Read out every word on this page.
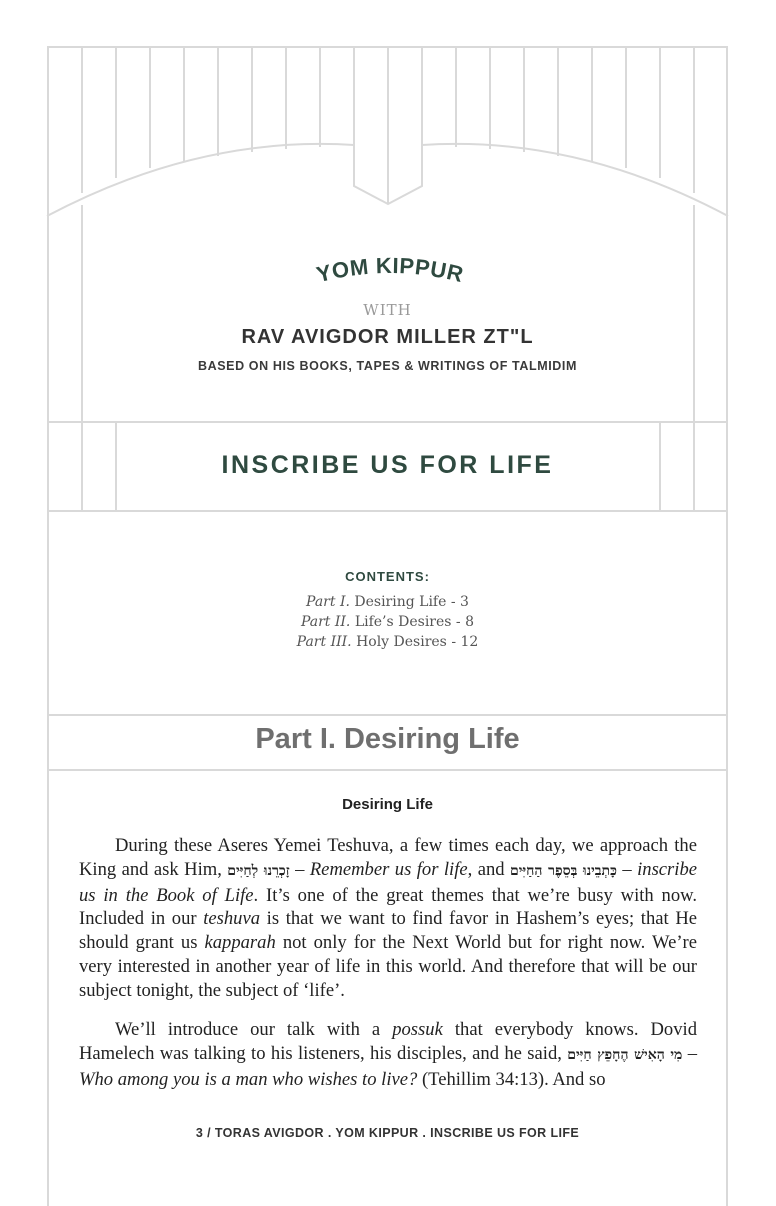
YOM KIPPUR
WITH
RAV AVIGDOR MILLER ZT"L
BASED ON HIS BOOKS, TAPES & WRITINGS OF TALMIDIM
INSCRIBE US FOR LIFE
CONTENTS:
Part I. Desiring Life - 3
Part II. Life’s Desires - 8
Part III. Holy Desires - 12
Part I. Desiring Life
Desiring Life

During these Aseres Yemei Teshuva, a few times each day, we approach the King and ask Him, זָכְרֵנוּ לְחַיִּים – Remember us for life, and כָּתְבֵינוּ בְּסֵפֶר הַחַיִּים – inscribe us in the Book of Life. It’s one of the great themes that we’re busy with now. Included in our teshuva is that we want to find favor in Hashem’s eyes; that He should grant us kapparah not only for the Next World but for right now. We’re very interested in another year of life in this world. And therefore that will be our subject tonight, the subject of ‘life’.

We’ll introduce our talk with a possuk that everybody knows. Dovid Hamelech was talking to his listeners, his disciples, and he said, מִי הָאִישׁ הֶחָפֵץ חַיִּים – Who among you is a man who wishes to live? (Tehillim 34:13). And so

3 / TORAS AVIGDOR . YOM KIPPUR . INSCRIBE US FOR LIFE
